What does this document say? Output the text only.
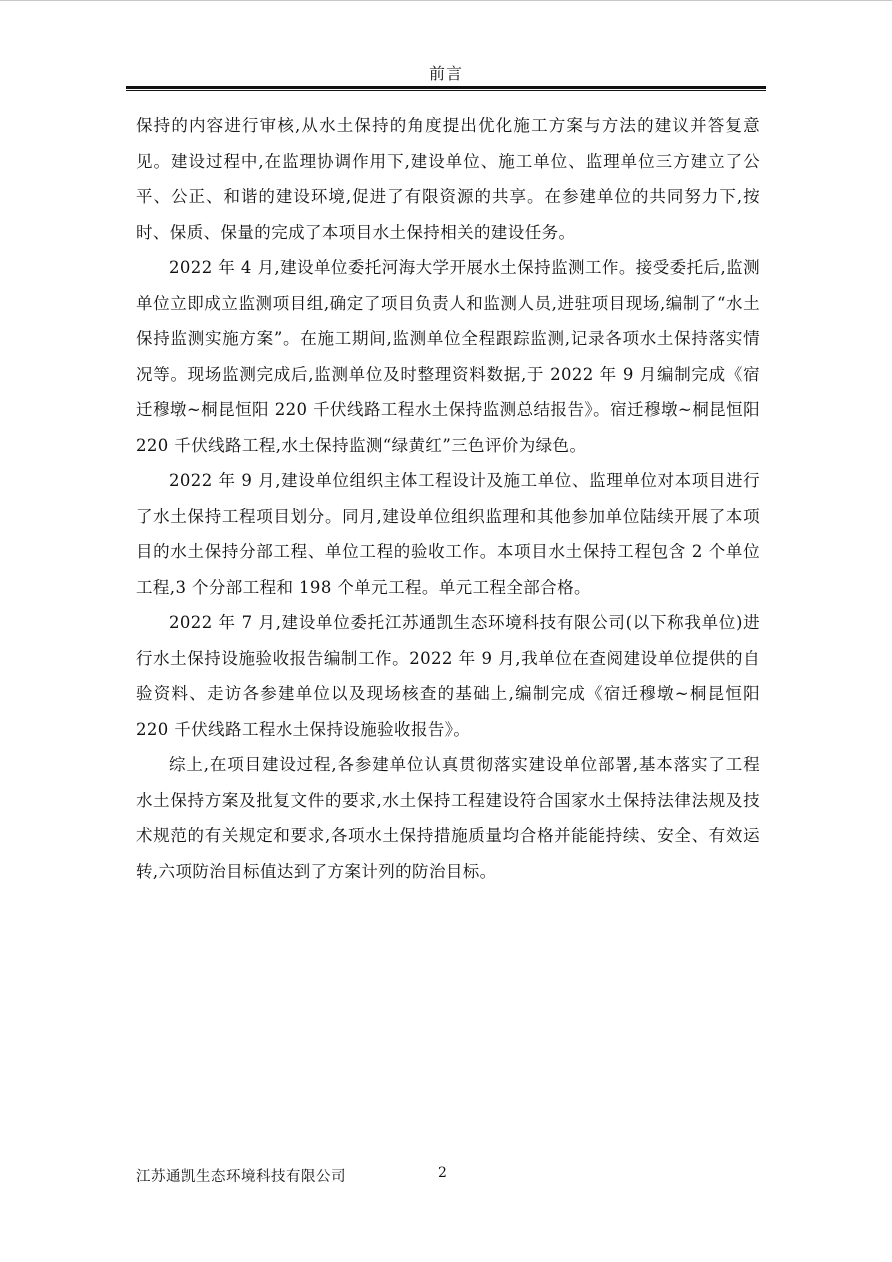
前言

保持的内容进行审核,从水土保持的角度提出优化施工方案与方法的建议并答复意见。建设过程中,在监理协调作用下,建设单位、施工单位、监理单位三方建立了公平、公正、和谐的建设环境,促进了有限资源的共享。在参建单位的共同努力下,按时、保质、保量的完成了本项目水土保持相关的建设任务。

2022 年 4 月,建设单位委托河海大学开展水土保持监测工作。接受委托后,监测单位立即成立监测项目组,确定了项目负责人和监测人员,进驻项目现场,编制了“水土保持监测实施方案”。在施工期间,监测单位全程跟踪监测,记录各项水土保持落实情况等。现场监测完成后,监测单位及时整理资料数据,于 2022 年 9 月编制完成《宿迁穆墩~桐昆恒阳 220 千伏线路工程水土保持监测总结报告》。宿迁穆墩~桐昆恒阳 220 千伏线路工程,水土保持监测“绿黄红”三色评价为绿色。

2022 年 9 月,建设单位组织主体工程设计及施工单位、监理单位对本项目进行了水土保持工程项目划分。同月,建设单位组织监理和其他参加单位陆续开展了本项目的水土保持分部工程、单位工程的验收工作。本项目水土保持工程包含 2 个单位工程,3 个分部工程和 198 个单元工程。单元工程全部合格。

2022 年 7 月,建设单位委托江苏通凯生态环境科技有限公司(以下称我单位)进行水土保持设施验收报告编制工作。2022 年 9 月,我单位在查阅建设单位提供的自验资料、走访各参建单位以及现场核查的基础上,编制完成《宿迁穆墩~桐昆恒阳 220 千伏线路工程水土保持设施验收报告》。

综上,在项目建设过程,各参建单位认真贯彻落实建设单位部署,基本落实了工程水土保持方案及批复文件的要求,水土保持工程建设符合国家水土保持法律法规及技术规范的有关规定和要求,各项水土保持措施质量均合格并能能持续、安全、有效运转,六项防治目标值达到了方案计列的防治目标。

江苏通凯生态环境科技有限公司	2
